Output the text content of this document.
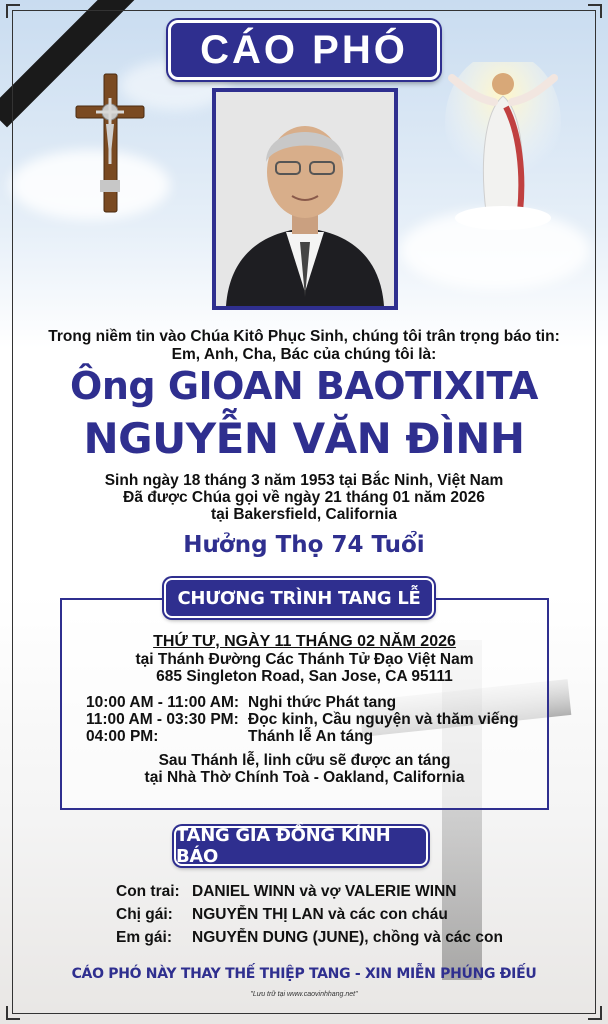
CÁO PHÓ
Trong niềm tin vào Chúa Kitô Phục Sinh, chúng tôi trân trọng báo tin:
Em, Anh, Cha, Bác của chúng tôi là:
Ông GIOAN BAOTIXITA
NGUYỄN VĂN ĐÌNH
Sinh ngày 18 tháng 3 năm 1953 tại Bắc Ninh, Việt Nam
Đã được Chúa gọi về ngày 21 tháng 01 năm 2026
tại Bakersfield, California
Hưởng Thọ 74 Tuổi
CHƯƠNG TRÌNH TANG LỄ
THỨ TƯ, NGÀY 11 THÁNG 02 NĂM 2026
tại Thánh Đường Các Thánh Tử Đạo Việt Nam
685 Singleton Road, San Jose, CA 95111
10:00 AM - 11:00 AM: Nghi thức Phát tang
11:00 AM - 03:30 PM: Đọc kinh, Cầu nguyện và thăm viếng
04:00 PM:	Thánh lễ An táng
Sau Thánh lễ, linh cữu sẽ được an táng
tại Nhà Thờ Chính Toà - Oakland, California
TANG GIA ĐỒNG KÍNH BÁO
Con trai: DANIEL WINN và vợ VALERIE WINN
Chị gái: NGUYỄN THỊ LAN và các con cháu
Em gái: NGUYỄN DUNG (JUNE), chồng và các con
CÁO PHÓ NÀY THAY THẾ THIỆP TANG - XIN MIỄN PHÚNG ĐIẾU
"Lưu trữ tại www.caovinhhang.net"
